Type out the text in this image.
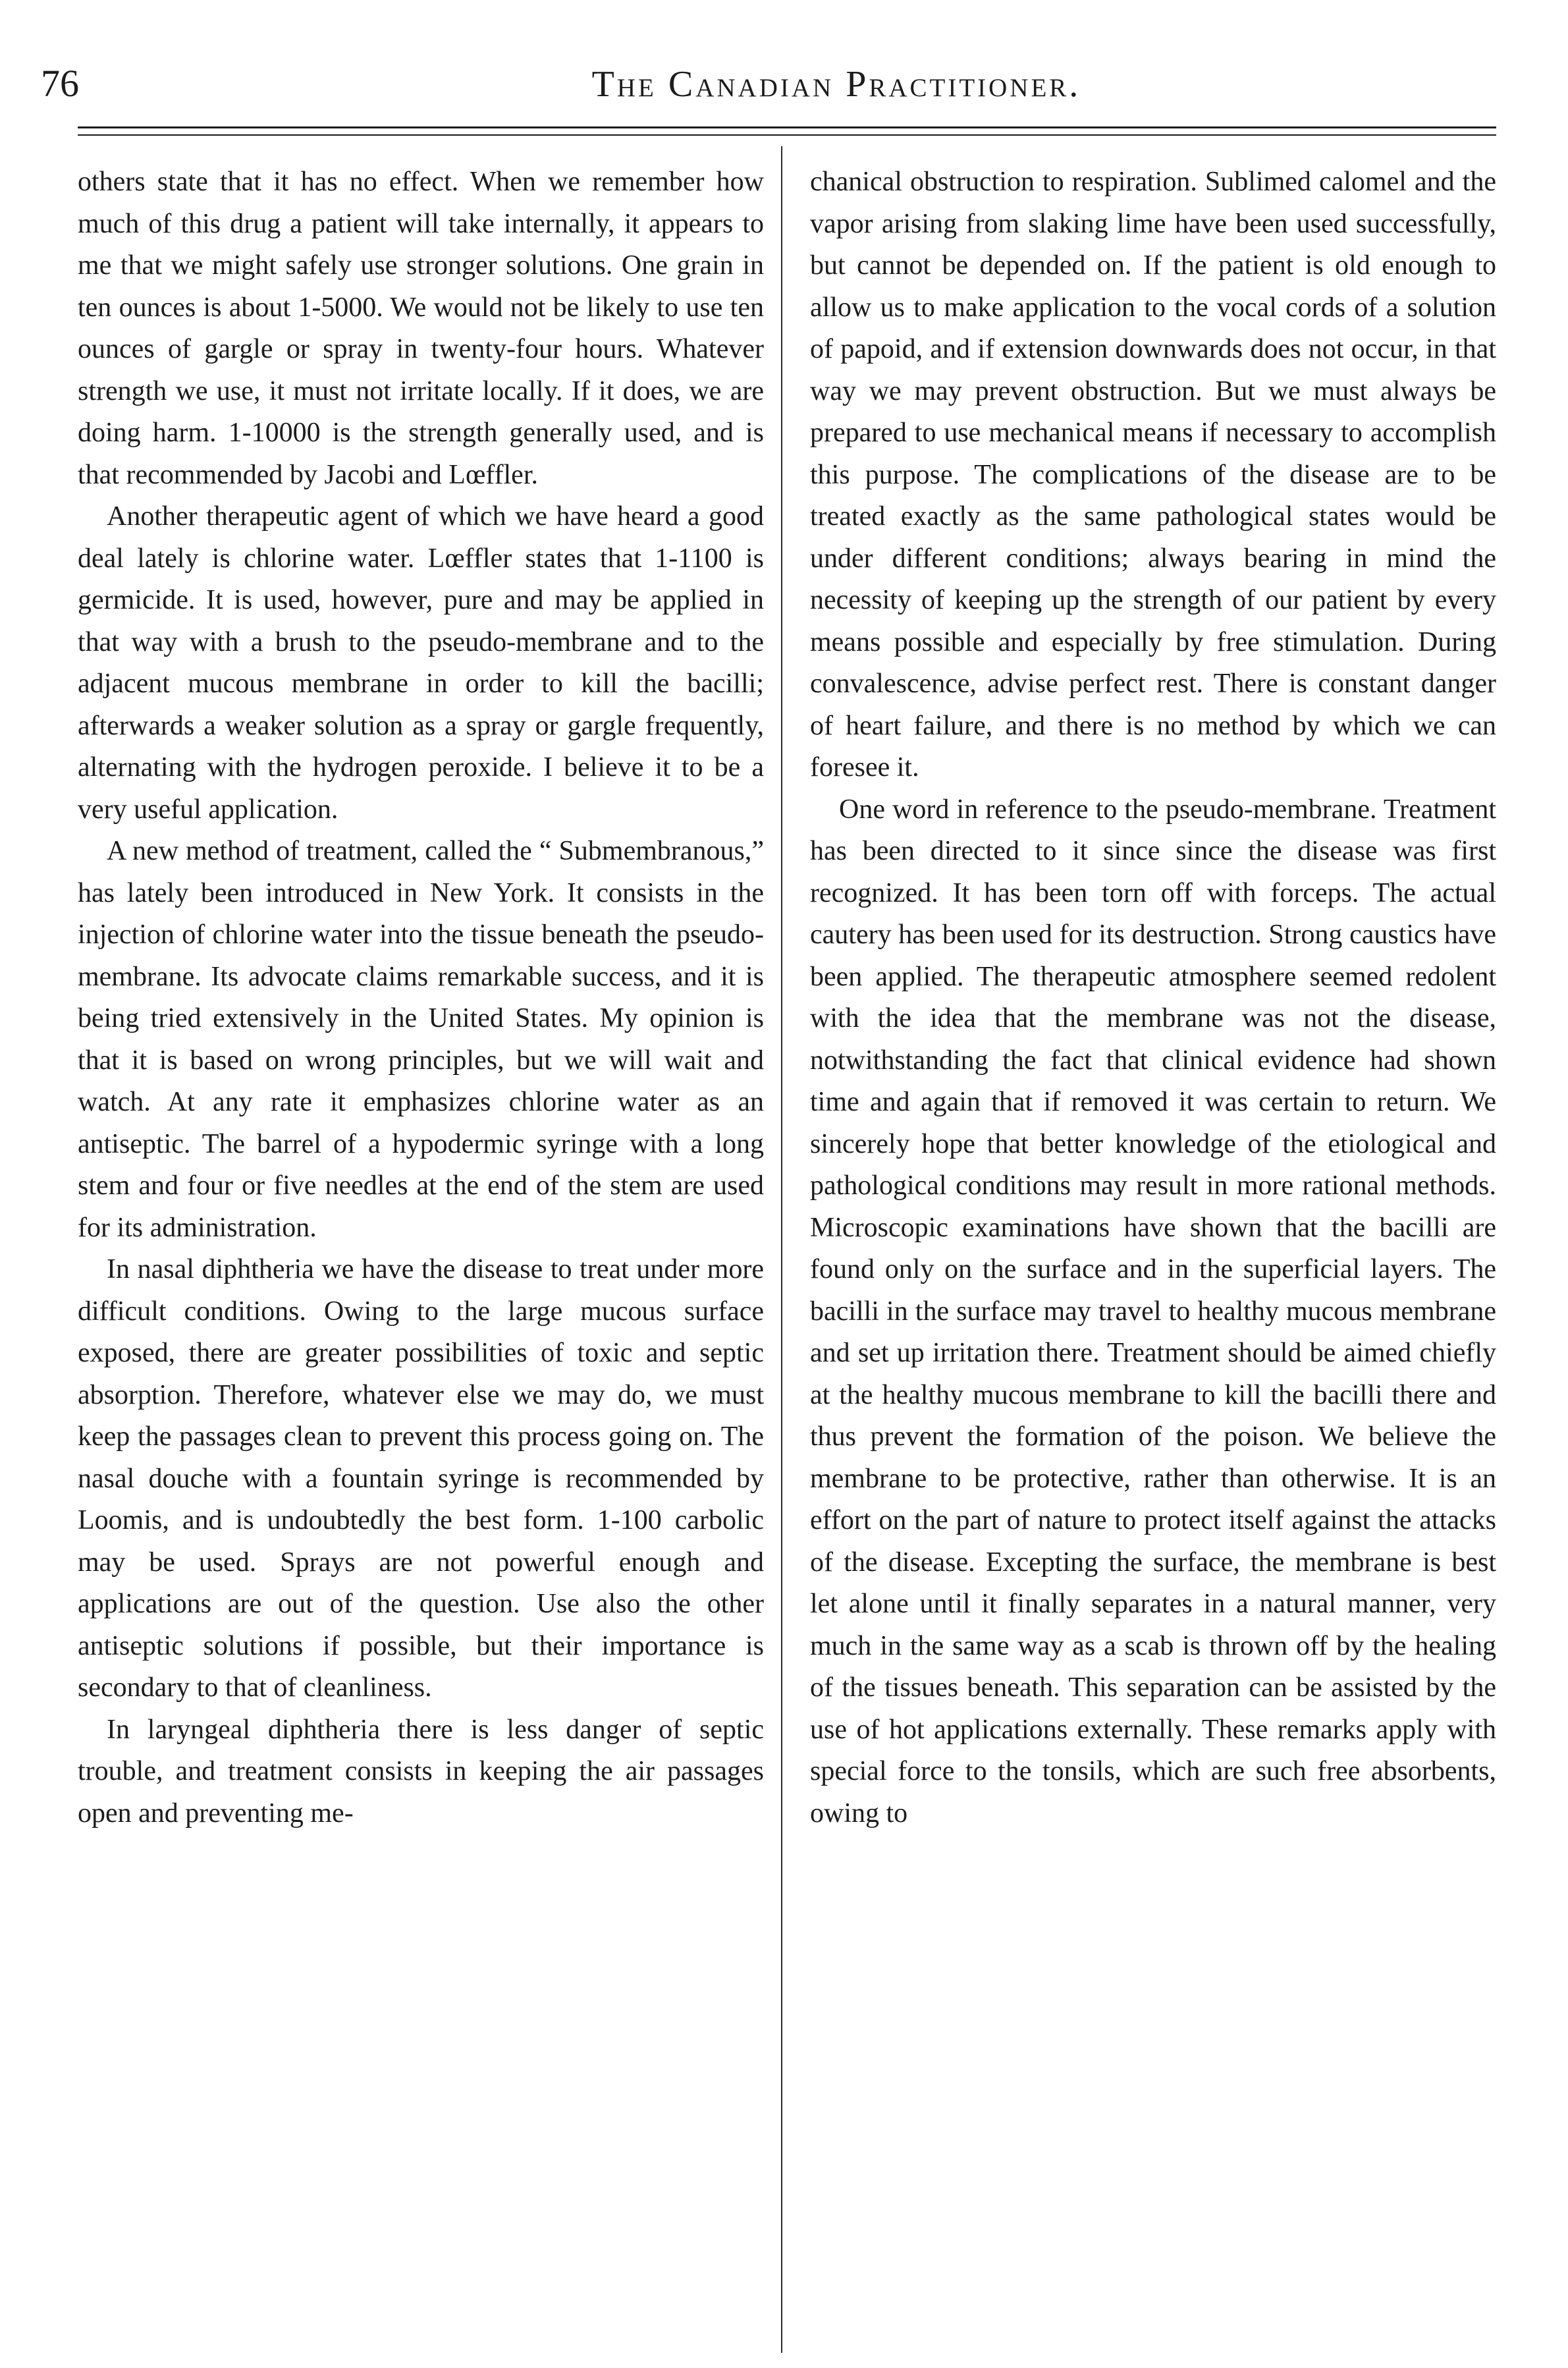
76	The Canadian Practitioner.

others state that it has no effect. When we remember how much of this drug a patient will take internally, it appears to me that we might safely use stronger solutions. One grain in ten ounces is about 1-5000. We would not be likely to use ten ounces of gargle or spray in twenty-four hours. Whatever strength we use, it must not irritate locally. If it does, we are doing harm. 1-10000 is the strength generally used, and is that recommended by Jacobi and Lœffler.

Another therapeutic agent of which we have heard a good deal lately is chlorine water. Lœffler states that 1-1100 is germicide. It is used, however, pure and may be applied in that way with a brush to the pseudo-membrane and to the adjacent mucous membrane in order to kill the bacilli; afterwards a weaker solution as a spray or gargle frequently, alternating with the hydrogen peroxide. I believe it to be a very useful application.

A new method of treatment, called the “ Submembranous,” has lately been introduced in New York. It consists in the injection of chlorine water into the tissue beneath the pseudo-membrane. Its advocate claims remarkable success, and it is being tried extensively in the United States. My opinion is that it is based on wrong principles, but we will wait and watch. At any rate it emphasizes chlorine water as an antiseptic. The barrel of a hypodermic syringe with a long stem and four or five needles at the end of the stem are used for its administration.

In nasal diphtheria we have the disease to treat under more difficult conditions. Owing to the large mucous surface exposed, there are greater possibilities of toxic and septic absorption. Therefore, whatever else we may do, we must keep the passages clean to prevent this process going on. The nasal douche with a fountain syringe is recommended by Loomis, and is undoubtedly the best form. 1-100 carbolic may be used. Sprays are not powerful enough and applications are out of the question. Use also the other antiseptic solutions if possible, but their importance is secondary to that of cleanliness.

In laryngeal diphtheria there is less danger of septic trouble, and treatment consists in keeping the air passages open and preventing me-

chanical obstruction to respiration. Sublimed calomel and the vapor arising from slaking lime have been used successfully, but cannot be depended on. If the patient is old enough to allow us to make application to the vocal cords of a solution of papoid, and if extension downwards does not occur, in that way we may prevent obstruction. But we must always be prepared to use mechanical means if necessary to accomplish this purpose. The complications of the disease are to be treated exactly as the same pathological states would be under different conditions; always bearing in mind the necessity of keeping up the strength of our patient by every means possible and especially by free stimulation. During convalescence, advise perfect rest. There is constant danger of heart failure, and there is no method by which we can foresee it.

One word in reference to the pseudo-membrane. Treatment has been directed to it since since the disease was first recognized. It has been torn off with forceps. The actual cautery has been used for its destruction. Strong caustics have been applied. The therapeutic atmosphere seemed redolent with the idea that the membrane was not the disease, notwithstanding the fact that clinical evidence had shown time and again that if removed it was certain to return. We sincerely hope that better knowledge of the etiological and pathological conditions may result in more rational methods. Microscopic examinations have shown that the bacilli are found only on the surface and in the superficial layers. The bacilli in the surface may travel to healthy mucous membrane and set up irritation there. Treatment should be aimed chiefly at the healthy mucous membrane to kill the bacilli there and thus prevent the formation of the poison. We believe the membrane to be protective, rather than otherwise. It is an effort on the part of nature to protect itself against the attacks of the disease. Excepting the surface, the membrane is best let alone until it finally separates in a natural manner, very much in the same way as a scab is thrown off by the healing of the tissues beneath. This separation can be assisted by the use of hot applications externally. These remarks apply with special force to the tonsils, which are such free absorbents, owing to
